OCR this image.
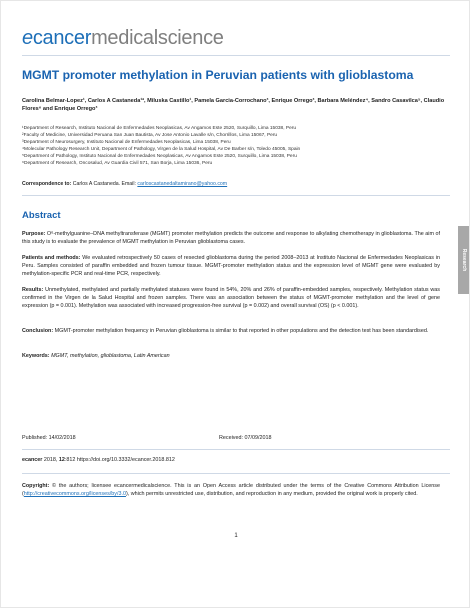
ecancermedicalscience
MGMT promoter methylation in Peruvian patients with glioblastoma
Carolina Belmar-Lopez¹, Carlos A Castaneda¹², Miluska Castillo¹, Pamela Garcia-Corrochano³, Enrique Orrego³, Barbara Meléndez⁴, Sandro Casavilca⁵, Claudio Flores⁶ and Enrique Orrego³
¹Department of Research, Instituto Nacional de Enfermedades Neoplasicas, Av Angamos Este 2520, Surquillo, Lima 15038, Peru
²Faculty of Medicine, Universidad Peruana San Juan Bautista, Av Jose Antonio Lavalle s/n, Chorrillos, Lima 15067, Peru
³Department of Neurosurgery, Instituto Nacional de Enfermedades Neoplasicas, Lima 15038, Peru
⁴Molecular Pathology Research Unit, Department of Pathology, Virgen de la Salud Hospital, Av De Barber s/n, Toledo 45005, Spain
⁵Department of Pathology, Instituto Nacional de Enfermedades Neoplasicas, Av Angamos Este 2520, Surquillo, Lima 15038, Peru
⁶Department of Research, Oncosalud, Av Guardia Civil 571, San Borja, Lima 15036, Peru
Correspondence to: Carlos A Castaneda. Email: carloscastanedaltamirano@yahoo.com
Abstract
Purpose: O⁶-methylguanine–DNA methyltransferase (MGMT) promoter methylation predicts the outcome and response to alkylating chemotherapy in glioblastoma. The aim of this study is to evaluate the prevalence of MGMT methylation in Peruvian glioblastoma cases.
Patients and methods: We evaluated retrospectively 50 cases of resected glioblastoma during the period 2008–2013 at Instituto Nacional de Enfermedades Neoplasicas in Peru. Samples consisted of paraffin embedded and frozen tumour tissue. MGMT-promoter methylation status and the expression level of MGMT gene were evaluated by methylation-specific PCR and real-time PCR, respectively.
Results: Unmethylated, methylated and partially methylated statuses were found in 54%, 20% and 26% of paraffin-embedded samples, respectively. Methylation status was confirmed in the Virgen de la Salud Hospital and frozen samples. There was an association between the status of MGMT-promoter methylation and the level of gene expression (p = 0.001). Methylation was associated with increased progression-free survival (p = 0.002) and overall survival (OS) (p < 0.001).
Conclusion: MGMT-promoter methylation frequency in Peruvian glioblastoma is similar to that reported in other populations and the detection test has been standardised.
Keywords: MGMT, methylation, glioblastoma, Latin American
Research
Published: 14/02/2018	Received: 07/09/2018
ecancer 2018, 12:812 https://doi.org/10.3332/ecancer.2018.812
Copyright: © the authors; licensee ecancermedicalscience. This is an Open Access article distributed under the terms of the Creative Commons Attribution License (http://creativecommons.org/licenses/by/3.0), which permits unrestricted use, distribution, and reproduction in any medium, provided the original work is properly cited.
1
